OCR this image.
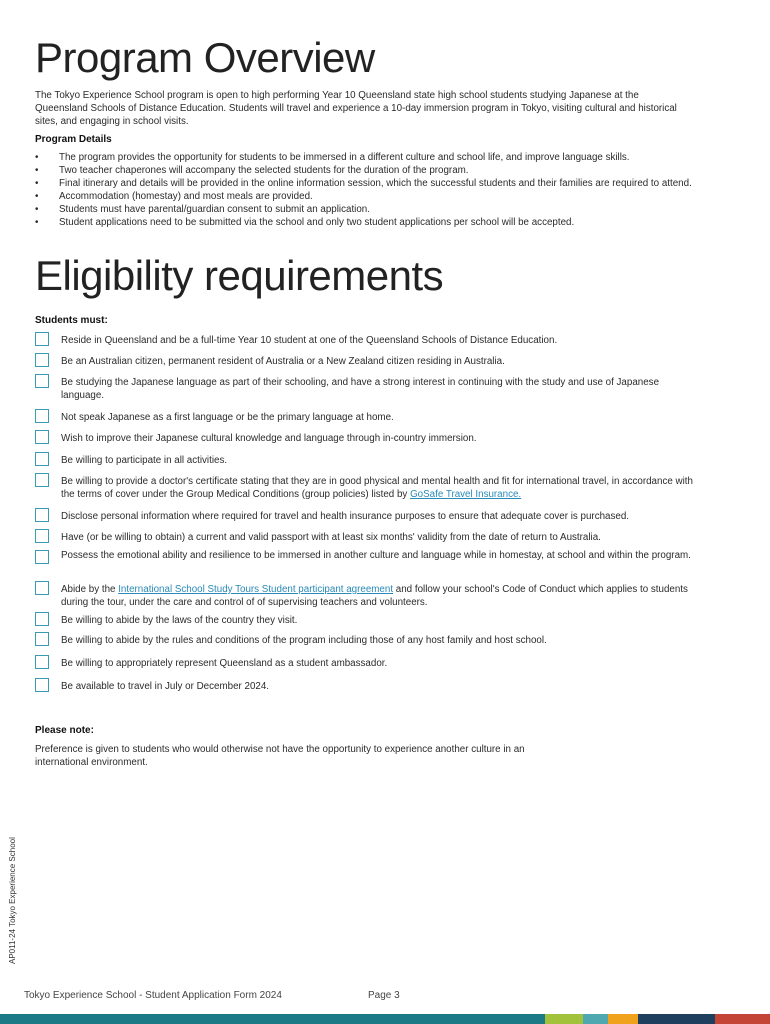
Program Overview

The Tokyo Experience School program is open to high performing Year 10 Queensland state high school students studying Japanese at the Queensland Schools of Distance Education. Students will travel and experience a 10-day immersion program in Tokyo, visiting cultural and historical sites, and engaging in school visits.

Program Details

• The program provides the opportunity for students to be immersed in a different culture and school life, and improve language skills.
• Two teacher chaperones will accompany the selected students for the duration of the program.
• Final itinerary and details will be provided in the online information session, which the successful students and their families are required to attend.
• Accommodation (homestay) and most meals are provided.
• Students must have parental/guardian consent to submit an application.
• Student applications need to be submitted via the school and only two student applications per school will be accepted.
Eligibility requirements

Students must:

Reside in Queensland and be a full-time Year 10 student at one of the Queensland Schools of Distance Education.
Be an Australian citizen, permanent resident of Australia or a New Zealand citizen residing in Australia.
Be studying the Japanese language as part of their schooling, and have a strong interest in continuing with the study and use of Japanese language.
Not speak Japanese as a first language or be the primary language at home.
Wish to improve their Japanese cultural knowledge and language through in-country immersion.
Be willing to participate in all activities.
Be willing to provide a doctor's certificate stating that they are in good physical and mental health and fit for international travel, in accordance with the terms of cover under the Group Medical Conditions (group policies) listed by GoSafe Travel Insurance.
Disclose personal information where required for travel and health insurance purposes to ensure that adequate cover is purchased.
Have (or be willing to obtain) a current and valid passport with at least six months' validity from the date of return to Australia.
Possess the emotional ability and resilience to be immersed in another culture and language while in homestay, at school and within the program.
Abide by the International School Study Tours Student participant agreement and follow your school's Code of Conduct which applies to students during the tour, under the care and control of of supervising teachers and volunteers.
Be willing to abide by the laws of the country they visit.
Be willing to abide by the rules and conditions of the program including those of any host family and host school.
Be willing to appropriately represent Queensland as a student ambassador.
Be available to travel in July or December 2024.

Please note:

Preference is given to students who would otherwise not have the opportunity to experience another culture in an international environment.

AP011-24 Tokyo Experience School
Tokyo Experience School - Student Application Form 2024	Page 3
